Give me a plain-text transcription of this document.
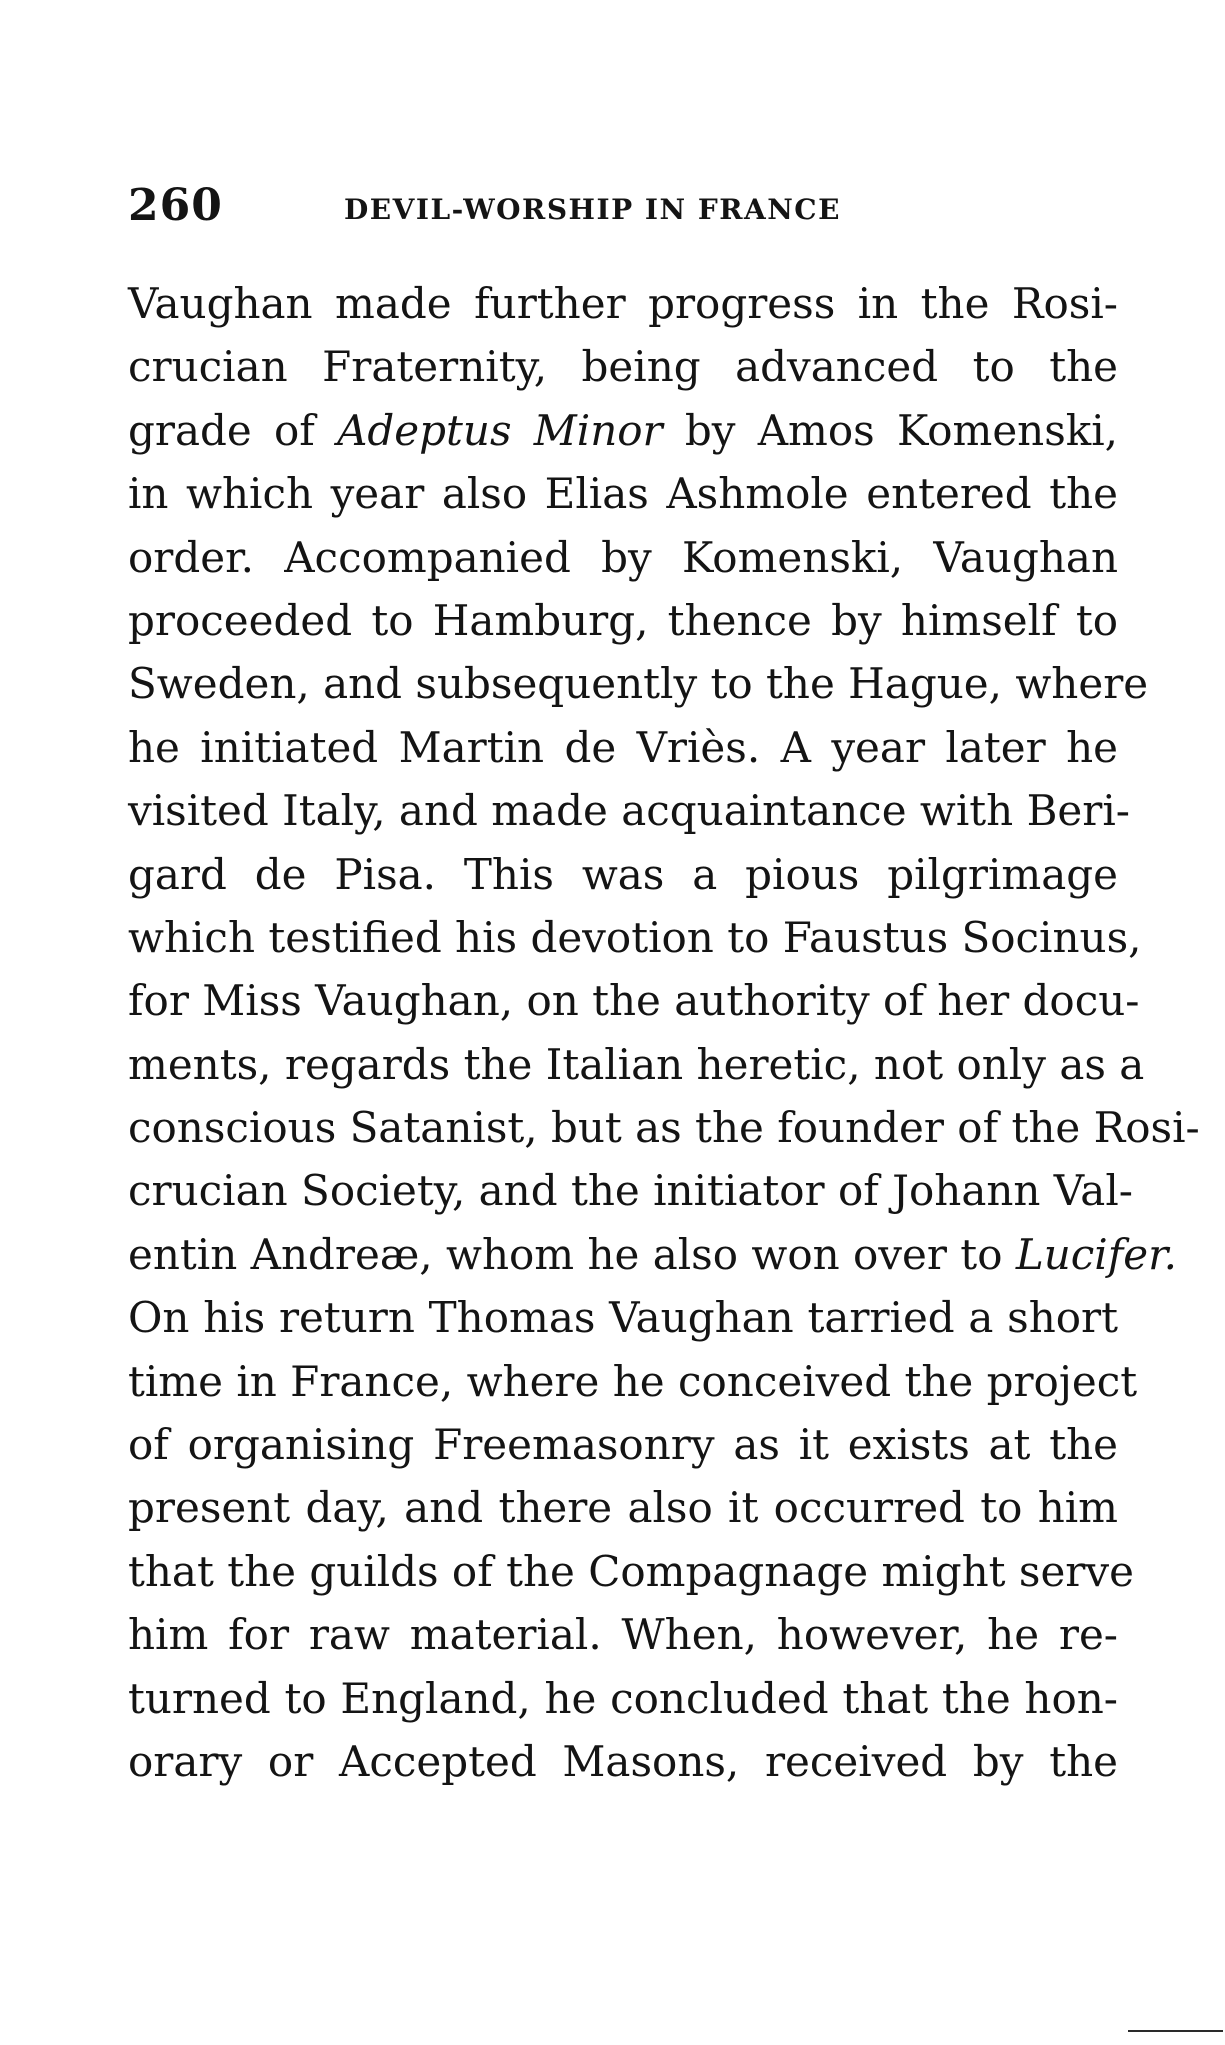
260	DEVIL-WORSHIP IN FRANCE
Vaughan made further progress in the Rosi-
crucian Fraternity, being advanced to the
grade of Adeptus Minor by Amos Komenski,
in which year also Elias Ashmole entered the
order. Accompanied by Komenski, Vaughan
proceeded to Hamburg, thence by himself to
Sweden, and subsequently to the Hague, where
he initiated Martin de Vriès. A year later he
visited Italy, and made acquaintance with Beri-
gard de Pisa. This was a pious pilgrimage
which testified his devotion to Faustus Socinus,
for Miss Vaughan, on the authority of her docu-
ments, regards the Italian heretic, not only as a
conscious Satanist, but as the founder of the Rosi-
crucian Society, and the initiator of Johann Val-
entin Andreæ, whom he also won over to Lucifer.
On his return Thomas Vaughan tarried a short
time in France, where he conceived the project
of organising Freemasonry as it exists at the
present day, and there also it occurred to him
that the guilds of the Compagnage might serve
him for raw material. When, however, he re-
turned to England, he concluded that the hon-
orary or Accepted Masons, received by the
